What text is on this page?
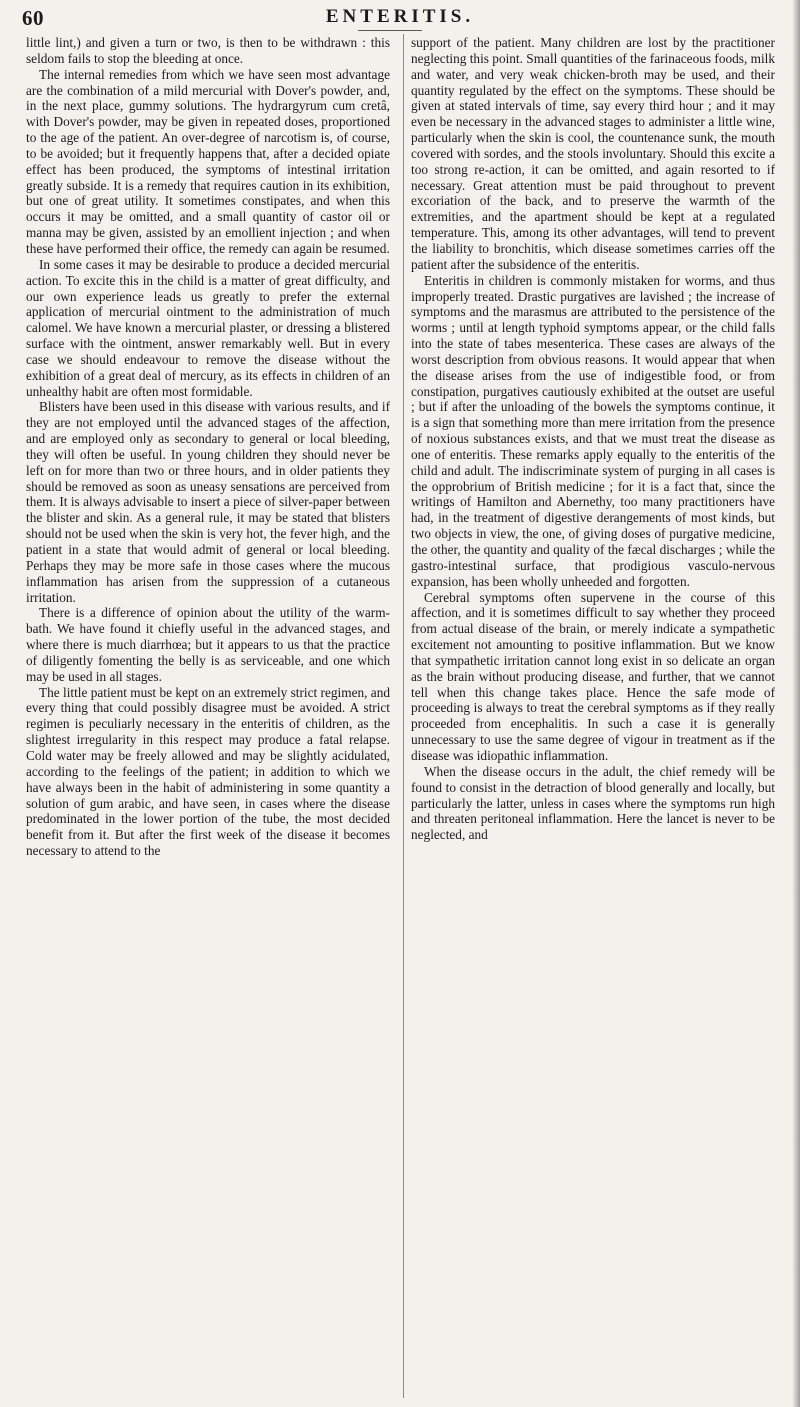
60	ENTERITIS.

little lint,) and given a turn or two, is then to be withdrawn : this seldom fails to stop the bleeding at once.

The internal remedies from which we have seen most advantage are the combination of a mild mercurial with Dover's powder, and, in the next place, gummy solutions. The hydrargyrum cum cretâ, with Dover's powder, may be given in repeated doses, proportioned to the age of the patient. An over-degree of narcotism is, of course, to be avoided; but it frequently happens that, after a decided opiate effect has been produced, the symptoms of intestinal irritation greatly subside. It is a remedy that requires caution in its exhibition, but one of great utility. It sometimes constipates, and when this occurs it may be omitted, and a small quantity of castor oil or manna may be given, assisted by an emollient injection ; and when these have performed their office, the remedy can again be resumed.

In some cases it may be desirable to produce a decided mercurial action. To excite this in the child is a matter of great difficulty, and our own experience leads us greatly to prefer the external application of mercurial ointment to the administration of much calomel. We have known a mercurial plaster, or dressing a blistered surface with the ointment, answer remarkably well. But in every case we should endeavour to remove the disease without the exhibition of a great deal of mercury, as its effects in children of an unhealthy habit are often most formidable.

Blisters have been used in this disease with various results, and if they are not employed until the advanced stages of the affection, and are employed only as secondary to general or local bleeding, they will often be useful. In young children they should never be left on for more than two or three hours, and in older patients they should be removed as soon as uneasy sensations are perceived from them. It is always advisable to insert a piece of silver-paper between the blister and skin. As a general rule, it may be stated that blisters should not be used when the skin is very hot, the fever high, and the patient in a state that would admit of general or local bleeding. Perhaps they may be more safe in those cases where the mucous inflammation has arisen from the suppression of a cutaneous irritation.

There is a difference of opinion about the utility of the warm-bath. We have found it chiefly useful in the advanced stages, and where there is much diarrhœa; but it appears to us that the practice of diligently fomenting the belly is as serviceable, and one which may be used in all stages.

The little patient must be kept on an extremely strict regimen, and every thing that could possibly disagree must be avoided. A strict regimen is peculiarly necessary in the enteritis of children, as the slightest irregularity in this respect may produce a fatal relapse. Cold water may be freely allowed and may be slightly acidulated, according to the feelings of the patient; in addition to which we have always been in the habit of administering in some quantity a solution of gum arabic, and have seen, in cases where the disease predominated in the lower portion of the tube, the most decided benefit from it. But after the first week of the disease it becomes necessary to attend to the

support of the patient. Many children are lost by the practitioner neglecting this point. Small quantities of the farinaceous foods, milk and water, and very weak chicken-broth may be used, and their quantity regulated by the effect on the symptoms. These should be given at stated intervals of time, say every third hour ; and it may even be necessary in the advanced stages to administer a little wine, particularly when the skin is cool, the countenance sunk, the mouth covered with sordes, and the stools involuntary. Should this excite a too strong re-action, it can be omitted, and again resorted to if necessary. Great attention must be paid throughout to prevent excoriation of the back, and to preserve the warmth of the extremities, and the apartment should be kept at a regulated temperature. This, among its other advantages, will tend to prevent the liability to bronchitis, which disease sometimes carries off the patient after the subsidence of the enteritis.

Enteritis in children is commonly mistaken for worms, and thus improperly treated. Drastic purgatives are lavished ; the increase of symptoms and the marasmus are attributed to the persistence of the worms ; until at length typhoid symptoms appear, or the child falls into the state of tabes mesenterica. These cases are always of the worst description from obvious reasons. It would appear that when the disease arises from the use of indigestible food, or from constipation, purgatives cautiously exhibited at the outset are useful ; but if after the unloading of the bowels the symptoms continue, it is a sign that something more than mere irritation from the presence of noxious substances exists, and that we must treat the disease as one of enteritis. These remarks apply equally to the enteritis of the child and adult. The indiscriminate system of purging in all cases is the opprobrium of British medicine ; for it is a fact that, since the writings of Hamilton and Abernethy, too many practitioners have had, in the treatment of digestive derangements of most kinds, but two objects in view, the one, of giving doses of purgative medicine, the other, the quantity and quality of the fæcal discharges ; while the gastro-intestinal surface, that prodigious vasculo-nervous expansion, has been wholly unheeded and forgotten.

Cerebral symptoms often supervene in the course of this affection, and it is sometimes difficult to say whether they proceed from actual disease of the brain, or merely indicate a sympathetic excitement not amounting to positive inflammation. But we know that sympathetic irritation cannot long exist in so delicate an organ as the brain without producing disease, and further, that we cannot tell when this change takes place. Hence the safe mode of proceeding is always to treat the cerebral symptoms as if they really proceeded from encephalitis. In such a case it is generally unnecessary to use the same degree of vigour in treatment as if the disease was idiopathic inflammation.

When the disease occurs in the adult, the chief remedy will be found to consist in the detraction of blood generally and locally, but particularly the latter, unless in cases where the symptoms run high and threaten peritoneal inflammation. Here the lancet is never to be neglected, and
